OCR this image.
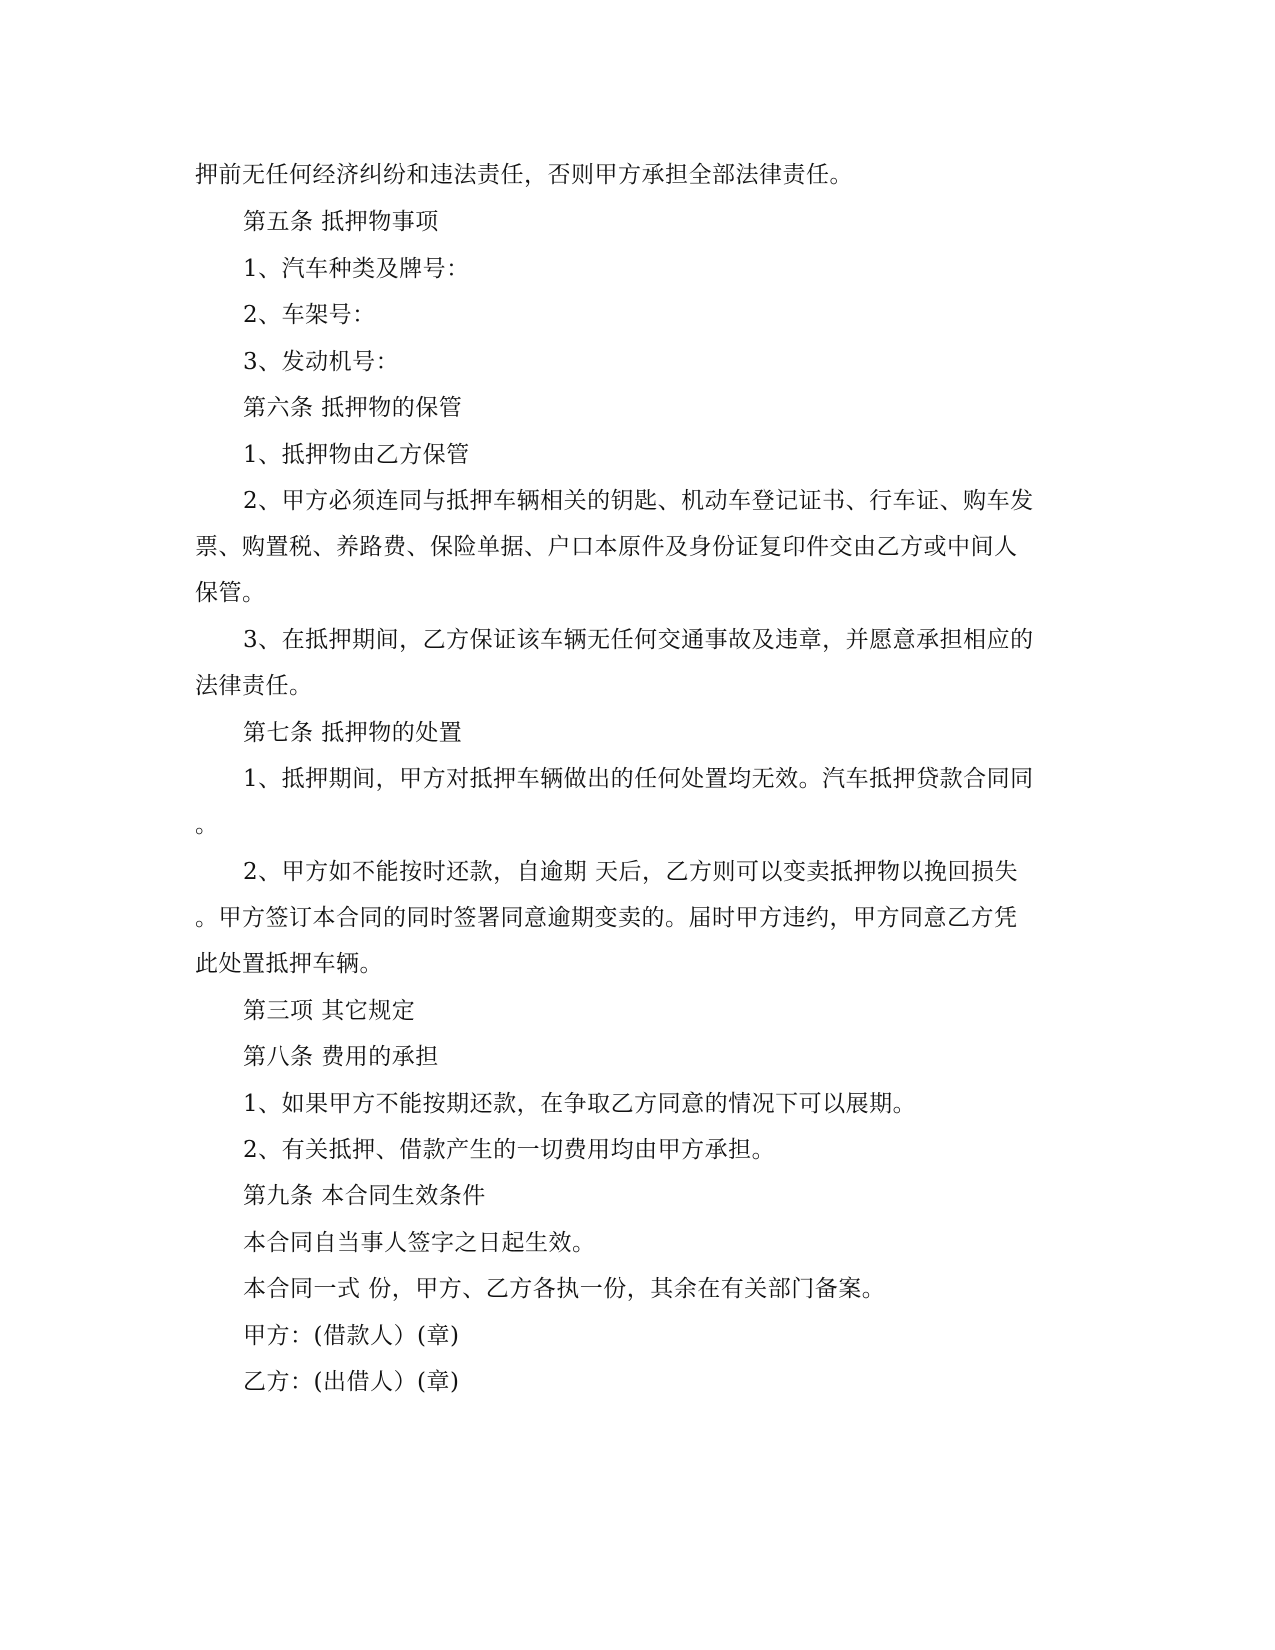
押前无任何经济纠纷和违法责任，否则甲方承担全部法律责任。
第五条 抵押物事项
1、汽车种类及牌号：
2、车架号：
3、发动机号：
第六条 抵押物的保管
1、抵押物由乙方保管
2、甲方必须连同与抵押车辆相关的钥匙、机动车登记证书、行车证、购车发
票、购置税、养路费、保险单据、户口本原件及身份证复印件交由乙方或中间人
保管。
3、在抵押期间，乙方保证该车辆无任何交通事故及违章，并愿意承担相应的
法律责任。
第七条 抵押物的处置
1、抵押期间，甲方对抵押车辆做出的任何处置均无效。汽车抵押贷款合同同
。
2、甲方如不能按时还款，自逾期 天后，乙方则可以变卖抵押物以挽回损失
。甲方签订本合同的同时签署同意逾期变卖的。届时甲方违约，甲方同意乙方凭
此处置抵押车辆。
第三项 其它规定
第八条 费用的承担
1、如果甲方不能按期还款，在争取乙方同意的情况下可以展期。
2、有关抵押、借款产生的一切费用均由甲方承担。
第九条 本合同生效条件
本合同自当事人签字之日起生效。
本合同一式 份，甲方、乙方各执一份，其余在有关部门备案。
甲方：(借款人）(章)
乙方：(出借人）(章)
